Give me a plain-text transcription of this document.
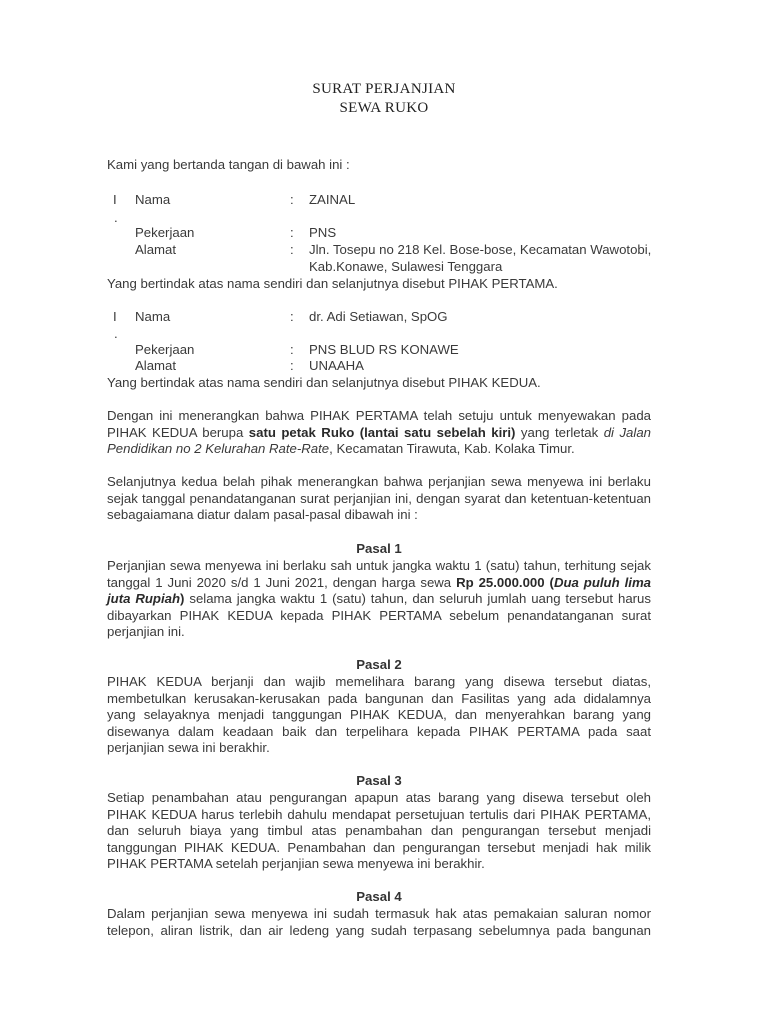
SURAT PERJANJIAN
SEWA RUKO
Kami yang bertanda tangan di bawah ini :
I
.
Nama	: ZAINAL
Pekerjaan	: PNS
Alamat	: Jln. Tosepu no 218 Kel. Bose-bose, Kecamatan Wawotobi,
Kab.Konawe, Sulawesi Tenggara
Yang bertindak atas nama sendiri dan selanjutnya disebut PIHAK PERTAMA.
I
.
Nama	: dr. Adi Setiawan, SpOG
Pekerjaan	: PNS BLUD RS KONAWE
Alamat	: UNAAHA
Yang bertindak atas nama sendiri dan selanjutnya disebut PIHAK KEDUA.
Dengan ini menerangkan bahwa PIHAK PERTAMA telah setuju untuk menyewakan pada
PIHAK KEDUA berupa satu petak Ruko (lantai satu sebelah kiri) yang terletak di Jalan
Pendidikan no 2 Kelurahan Rate-Rate, Kecamatan Tirawuta, Kab. Kolaka Timur.
Selanjutnya kedua belah pihak menerangkan bahwa perjanjian sewa menyewa ini berlaku
sejak tanggal penandatanganan surat perjanjian ini, dengan syarat dan ketentuan-ketentuan
sebagaiamana diatur dalam pasal-pasal dibawah ini :
Pasal 1
Perjanjian sewa menyewa ini berlaku sah untuk jangka waktu 1 (satu) tahun, terhitung sejak
tanggal 1 Juni 2020 s/d 1 Juni 2021, dengan harga sewa Rp 25.000.000 (Dua puluh lima
juta Rupiah) selama jangka waktu 1 (satu) tahun, dan seluruh jumlah uang tersebut harus
dibayarkan PIHAK KEDUA kepada PIHAK PERTAMA sebelum penandatanganan surat
perjanjian ini.
Pasal 2
PIHAK KEDUA berjanji dan wajib memelihara barang yang disewa tersebut diatas,
membetulkan kerusakan-kerusakan pada bangunan dan Fasilitas yang ada didalamnya
yang selayaknya menjadi tanggungan PIHAK KEDUA, dan menyerahkan barang yang
disewanya dalam keadaan baik dan terpelihara kepada PIHAK PERTAMA pada saat
perjanjian sewa ini berakhir.
Pasal 3
Setiap penambahan atau pengurangan apapun atas barang yang disewa tersebut oleh
PIHAK KEDUA harus terlebih dahulu mendapat persetujuan tertulis dari PIHAK PERTAMA,
dan seluruh biaya yang timbul atas penambahan dan pengurangan tersebut menjadi
tanggungan PIHAK KEDUA. Penambahan dan pengurangan tersebut menjadi hak milik
PIHAK PERTAMA setelah perjanjian sewa menyewa ini berakhir.
Pasal 4
Dalam perjanjian sewa menyewa ini sudah termasuk hak atas pemakaian saluran nomor
telepon, aliran listrik, dan air ledeng yang sudah terpasang sebelumnya pada bangunan
